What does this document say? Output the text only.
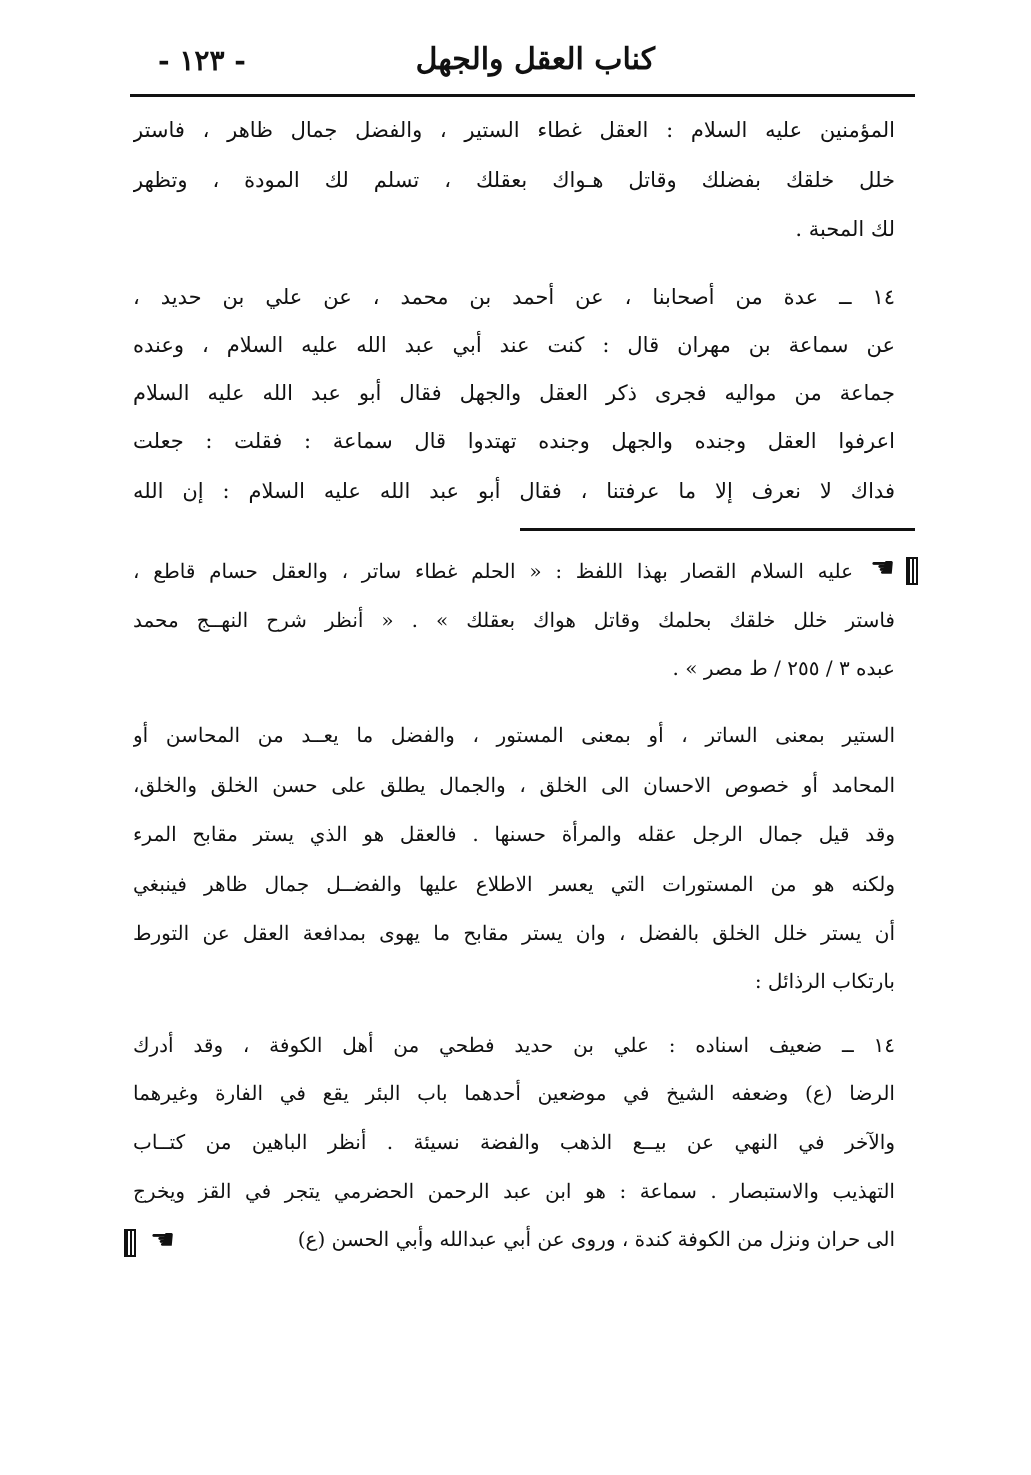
كناب العقل والجهل
- ١٢٣ -
المؤمنين عليه السلام : العقل غطاء الستير ، والفضل جمال ظاهر ، فاستر
خلل خلقك بفضلك وقاتل هـواك بعقلك ، تسلم لك المودة ، وتظهر
لك المحبة .
١٤ ــ عدة من أصحابنا ، عن أحمد بن محمد ، عن علي بن حديد ،
عن سماعة بن مهران قال : كنت عند أبي عبد الله عليه السلام ، وعنده
جماعة من مواليه فجرى ذكر العقل والجهل فقال أبو عبد الله عليه السلام
اعرفوا العقل وجنده والجهل وجنده تهتدوا قال سماعة : فقلت : جعلت
فداك لا نعرف إلا ما عرفتنا ، فقال أبو عبد الله عليه السلام : إن الله
☛
عليه السلام القصار بهذا اللفظ : « الحلم غطاء ساتر ، والعقل حسام قاطع ،
فاستر خلل خلقك بحلمك وقاتل هواك بعقلك » . « أنظر شرح النهــج محمد
عبده ٣ / ٢٥٥ / ط مصر » .
الستير بمعنى الساتر ، أو بمعنى المستور ، والفضل ما يعــد من المحاسن أو
المحامد أو خصوص الاحسان الى الخلق ، والجمال يطلق على حسن الخلق والخلق،
وقد قيل جمال الرجل عقله والمرأة حسنها . فالعقل هو الذي يستر مقابح المرء
ولكنه هو من المستورات التي يعسر الاطلاع عليها والفضــل جمال ظاهر فينبغي
أن يستر خلل الخلق بالفضل ، وان يستر مقابح ما يهوى بمدافعة العقل عن التورط
بارتكاب الرذائل :
١٤ ــ ضعيف اسناده : علي بن حديد فطحي من أهل الكوفة ، وقد أدرك
الرضا (ع) وضعفه الشيخ في موضعين أحدهما باب البئر يقع في الفارة وغيرهما
والآخر في النهي عن بيــع الذهب والفضة نسيئة . أنظر الباهين من كتــاب
التهذيب والاستبصار . سماعة : هو ابن عبد الرحمن الحضرمي يتجر في القز ويخرج
الى حران ونزل من الكوفة كندة ، وروى عن أبي عبدالله وأبي الحسن (ع)
☛
